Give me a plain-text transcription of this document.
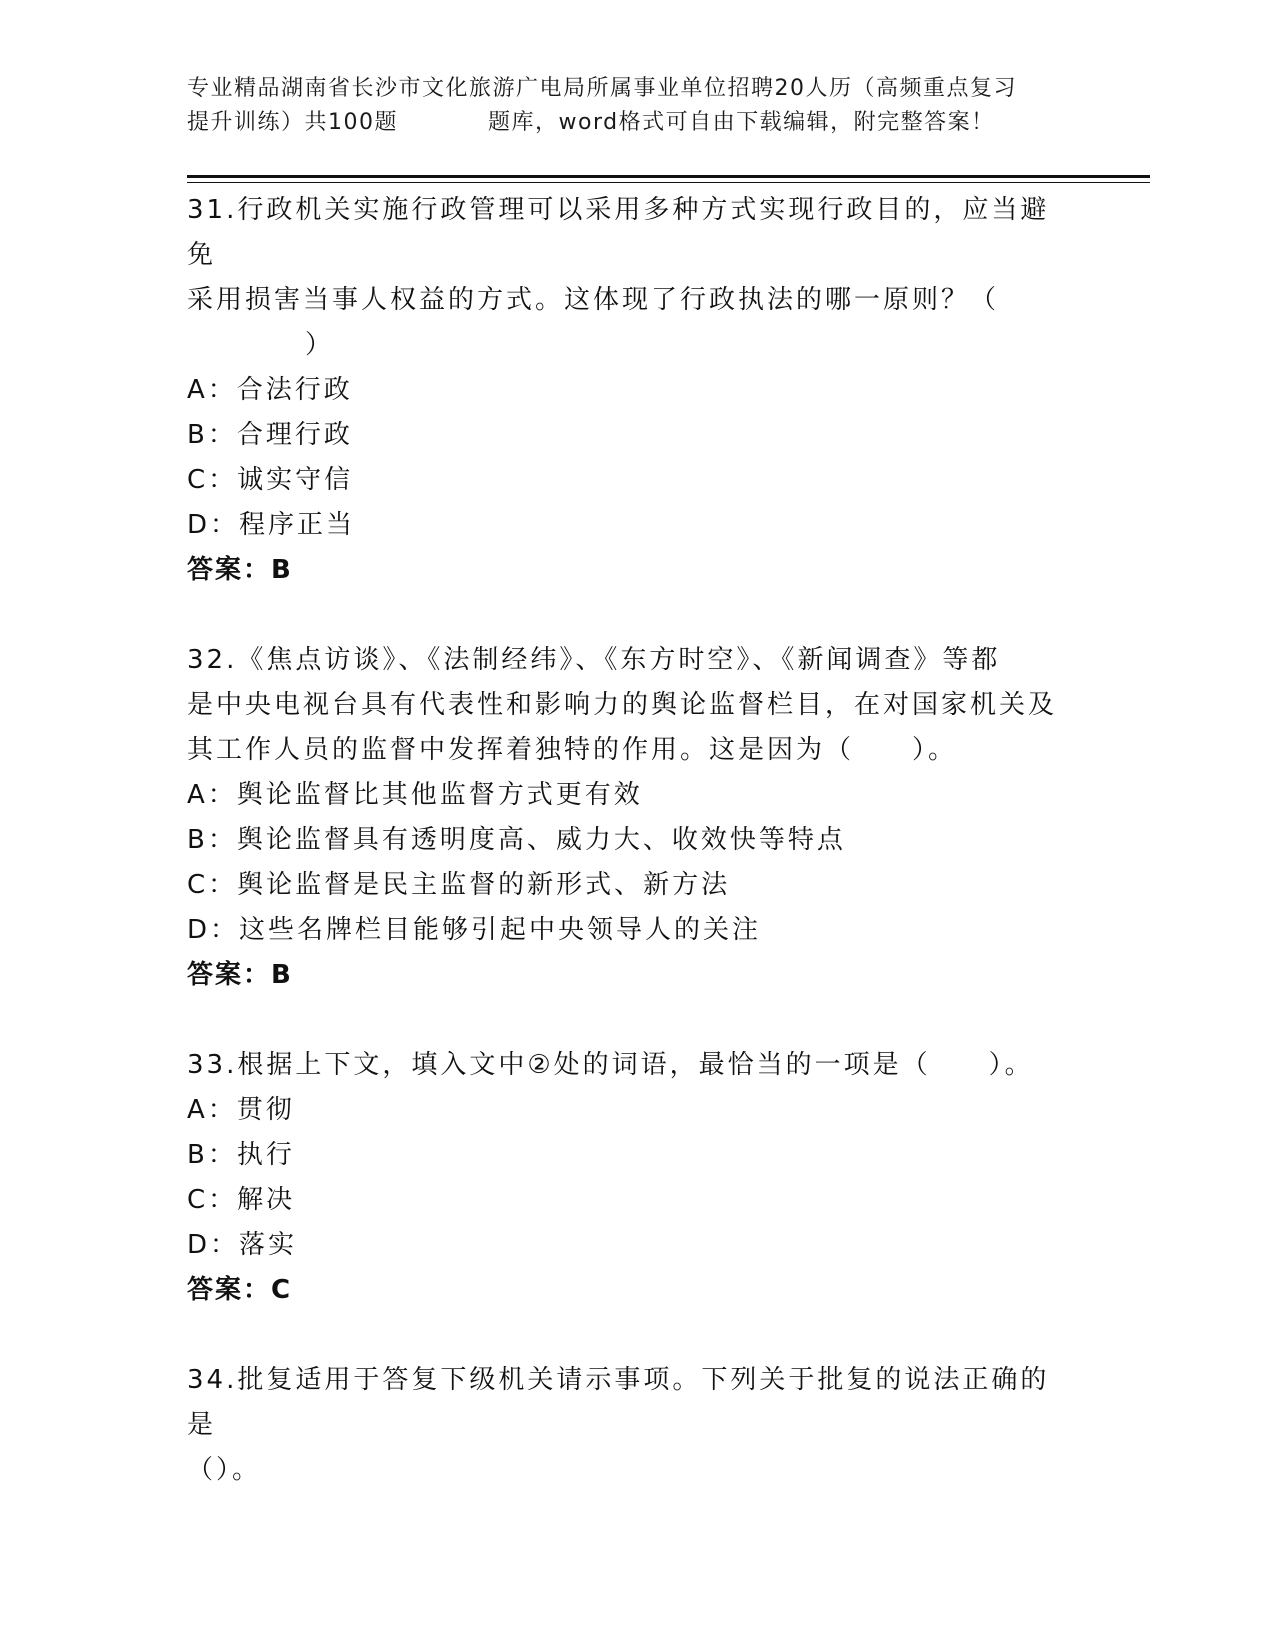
专业精品湖南省长沙市文化旅游广电局所属事业单位招聘20人历（高频重点复习
提升训练）共100题	题库，word格式可自由下载编辑，附完整答案！

31.行政机关实施行政管理可以采用多种方式实现行政目的，应当避免

采用损害当事人权益的方式。这体现了行政执法的哪一原则？（

）

A：合法行政

B：合理行政

C：诚实守信

D：程序正当

答案：B

32.《焦点访谈》、《法制经纬》、《东方时空》、《新闻调查》等都

是中央电视台具有代表性和影响力的舆论监督栏目，在对国家机关及

其工作人员的监督中发挥着独特的作用。这是因为（　　）。

A：舆论监督比其他监督方式更有效

B：舆论监督具有透明度高、威力大、收效快等特点

C：舆论监督是民主监督的新形式、新方法

D：这些名牌栏目能够引起中央领导人的关注

答案：B

33.根据上下文，填入文中②处的词语，最恰当的一项是（　　）。

A：贯彻

B：执行

C：解决

D：落实

答案：C

34.批复适用于答复下级机关请示事项。下列关于批复的说法正确的是

（）。
